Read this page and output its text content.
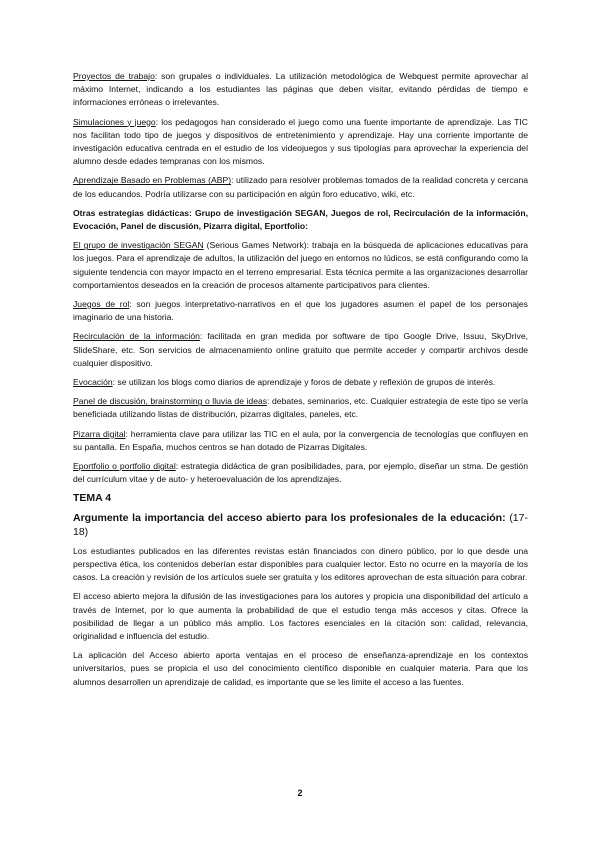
Proyectos de trabajo: son grupales o individuales. La utilización metodológica de Webquest permite aprovechar al máximo Internet, indicando a los estudiantes las páginas que deben visitar, evitando pérdidas de tiempo e informaciones erróneas o irrelevantes.

Simulaciones y juego: los pedagogos han considerado el juego como una fuente importante de aprendizaje. Las TIC nos facilitan todo tipo de juegos y dispositivos de entretenimiento y aprendizaje. Hay una corriente importante de investigación educativa centrada en el estudio de los videojuegos y sus tipologías para aprovechar la experiencia del alumno desde edades tempranas con los mismos.

Aprendizaje Basado en Problemas (ABP): utilizado para resolver problemas tomados de la realidad concreta y cercana de los educandos. Podría utilizarse con su participación en algún foro educativo, wiki, etc.

Otras estrategias didácticas: Grupo de investigación SEGAN, Juegos de rol, Recirculación de la información, Evocación, Panel de discusión, Pizarra digital, Eportfolio:

El grupo de investigación SEGAN (Serious Games Network): trabaja en la búsqueda de aplicaciones educativas para los juegos. Para el aprendizaje de adultos, la utilización del juego en entornos no lúdicos, se está configurando como la siguiente tendencia con mayor impacto en el terreno empresarial. Esta técnica permite a las organizaciones desarrollar comportamientos deseados en la creación de procesos altamente participativos para clientes.

Juegos de rol: son juegos interpretativo-narrativos en el que los jugadores asumen el papel de los personajes imaginario de una historia.

Recirculación de la información: facilitada en gran medida por software de tipo Google Drive, Issuu, SkyDrive, SlideShare, etc. Son servicios de almacenamiento online gratuito que permite acceder y compartir archivos desde cualquier dispositivo.

Evocación: se utilizan los blogs como diarios de aprendizaje y foros de debate y reflexión de grupos de interés.

Panel de discusión, brainstorming o lluvia de ideas: debates, seminarios, etc. Cualquier estrategia de este tipo se vería beneficiada utilizando listas de distribución, pizarras digitales, paneles, etc.

Pizarra digital: herramienta clave para utilizar las TIC en el aula, por la convergencia de tecnologías que confluyen en su pantalla. En España, muchos centros se han dotado de Pizarras Digitales.

Eportfolio o portfolio digital: estrategia didáctica de gran posibilidades, para, por ejemplo, diseñar un stma. De gestión del currículum vitae y de auto- y heteroevaluación de los aprendizajes.

TEMA 4
Argumente la importancia del acceso abierto para los profesionales de la educación: (17-18)

Los estudiantes publicados en las diferentes revistas están financiados con dinero público, por lo que desde una perspectiva ética, los contenidos deberían estar disponibles para cualquier lector. Esto no ocurre en la mayoría de los casos. La creación y revisión de los artículos suele ser gratuita y los editores aprovechan de esta situación para cobrar.

El acceso abierto mejora la difusión de las investigaciones para los autores y propicia una disponibilidad del artículo a través de Internet, por lo que aumenta la probabilidad de que el estudio tenga más accesos y citas. Ofrece la posibilidad de llegar a un público más amplio. Los factores esenciales en la citación son: calidad, relevancia, originalidad e influencia del estudio.

La aplicación del Acceso abierto aporta ventajas en el proceso de enseñanza-aprendizaje en los contextos universitarios, pues se propicia el uso del conocimiento científico disponible en cualquier materia. Para que los alumnos desarrollen un aprendizaje de calidad, es importante que se les limite el acceso a las fuentes.

2
